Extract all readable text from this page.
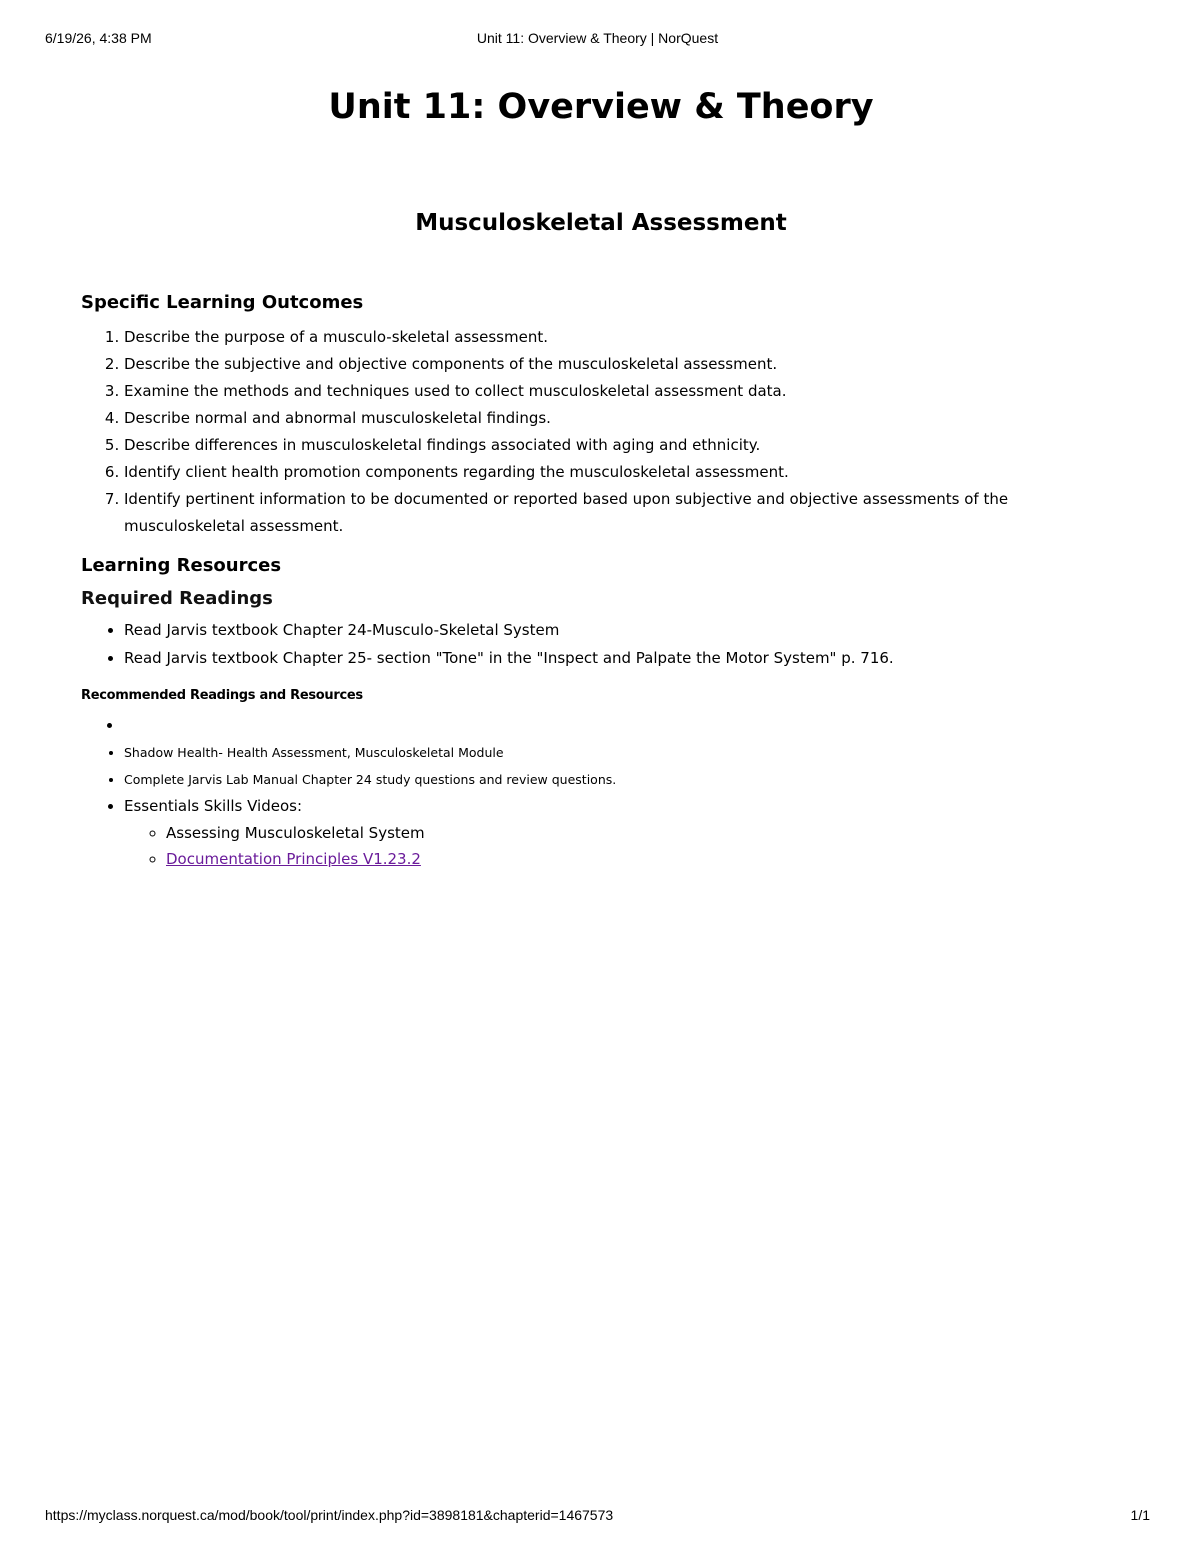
6/19/26, 4:38 PM	Unit 11: Overview & Theory | NorQuest
Unit 11: Overview & Theory
Musculoskeletal Assessment
Specific Learning Outcomes
1. Describe the purpose of a musculo-skeletal assessment.
2. Describe the subjective and objective components of the musculoskeletal assessment.
3. Examine the methods and techniques used to collect musculoskeletal assessment data.
4. Describe normal and abnormal musculoskeletal findings.
5. Describe differences in musculoskeletal findings associated with aging and ethnicity.
6. Identify client health promotion components regarding the musculoskeletal assessment.
7. Identify pertinent information to be documented or reported based upon subjective and objective assessments of the musculoskeletal assessment.
Learning Resources
Required Readings
• Read Jarvis textbook Chapter 24-Musculo-Skeletal System
• Read Jarvis textbook Chapter 25- section "Tone" in the "Inspect and Palpate the Motor System" p. 716.
Recommended Readings and Resources
•
• Shadow Health- Health Assessment, Musculoskeletal Module
• Complete Jarvis Lab Manual Chapter 24 study questions and review questions.
• Essentials Skills Videos:
◦ Assessing Musculoskeletal System
◦ Documentation Principles V1.23.2
https://myclass.norquest.ca/mod/book/tool/print/index.php?id=3898181&chapterid=1467573	1/1
